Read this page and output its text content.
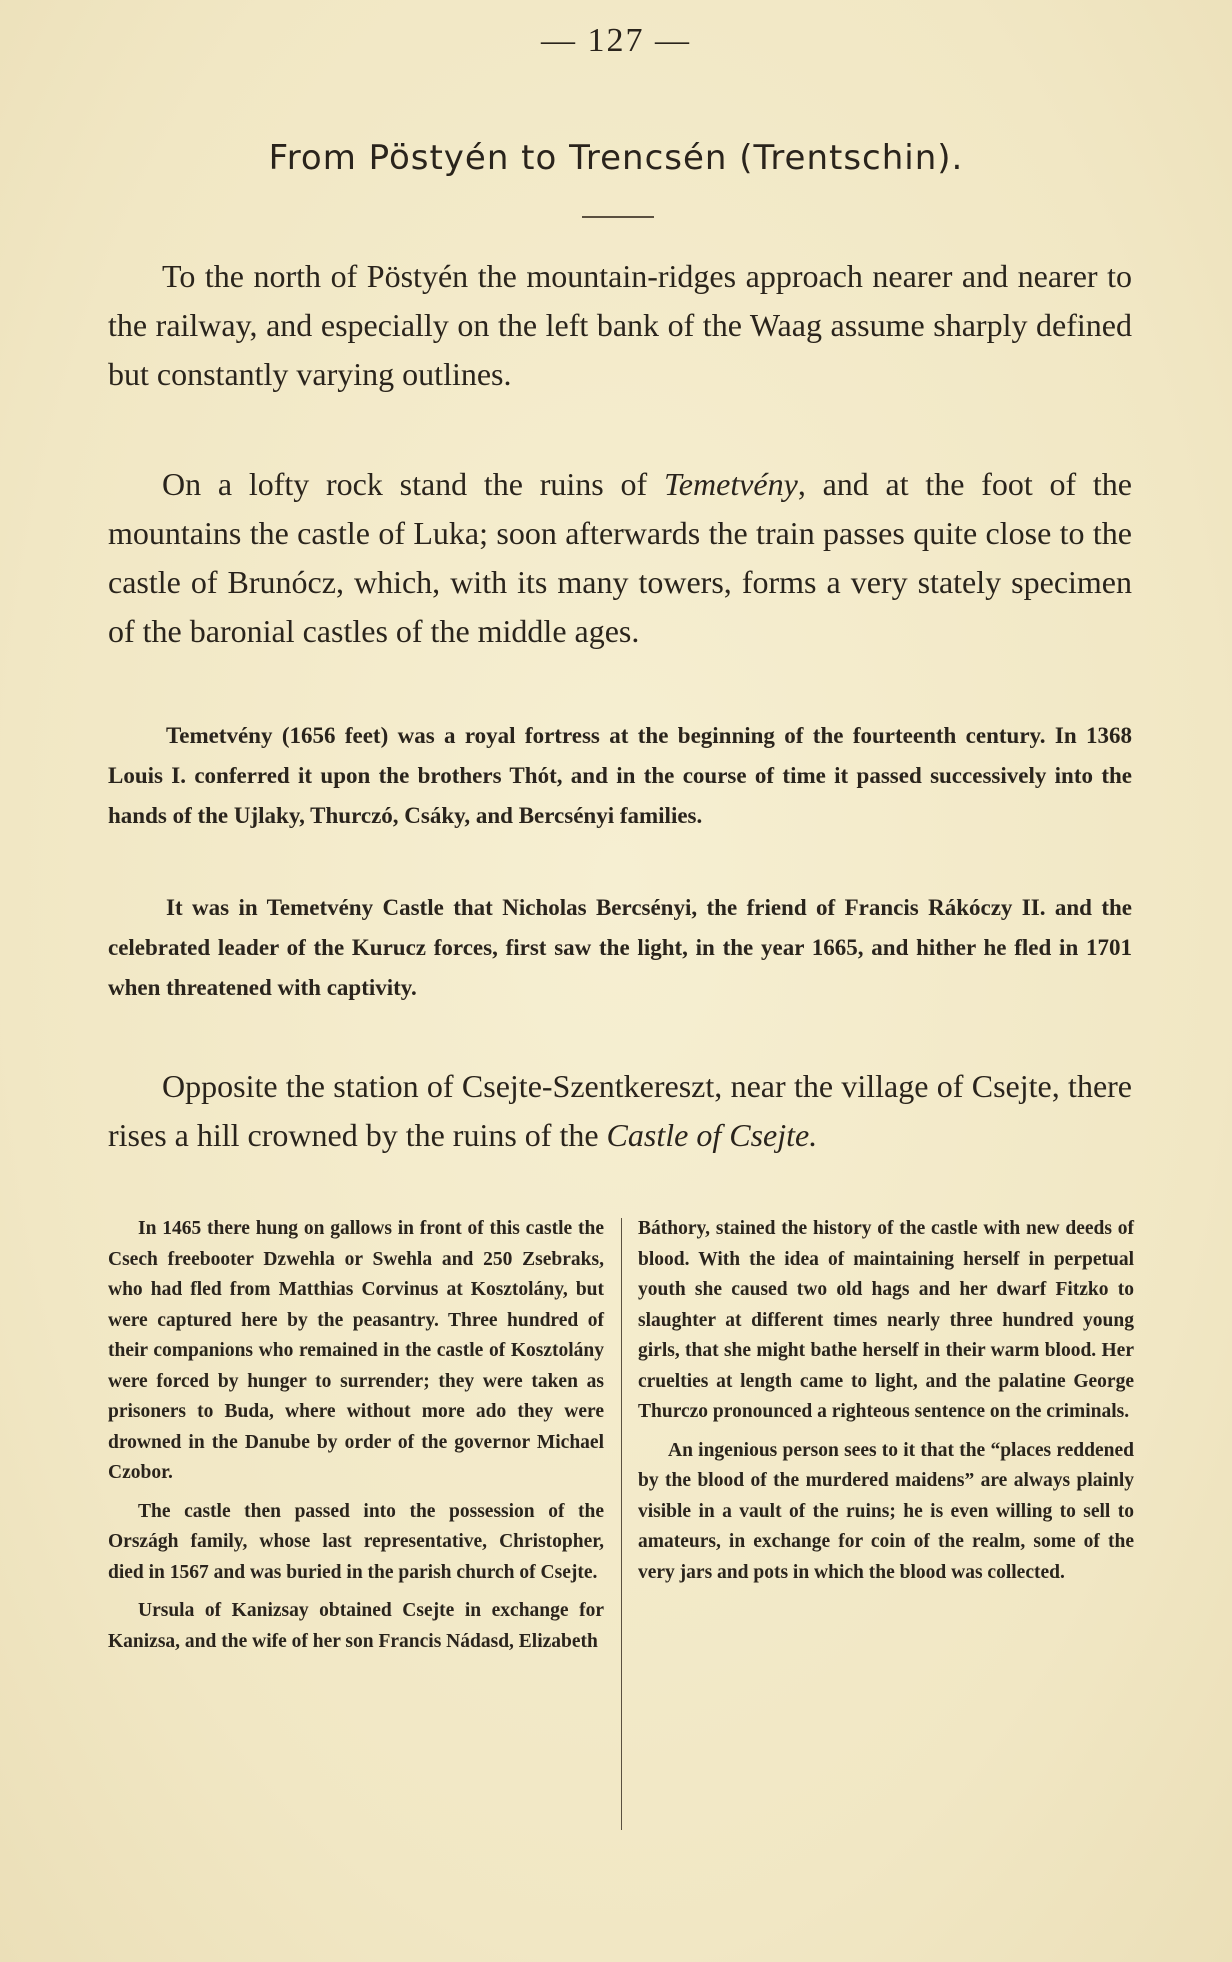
— 127 —
From Pöstyén to Trencsén (Trentschin).

To the north of Pöstyén the mountain-ridges approach nearer and nearer to the railway, and especially on the left bank of the Waag assume sharply defined but constantly varying outlines.

On a lofty rock stand the ruins of Temetvény, and at the foot of the mountains the castle of Luka; soon afterwards the train passes quite close to the castle of Brunócz, which, with its many towers, forms a very stately specimen of the baronial castles of the middle ages.

Temetvény (1656 feet) was a royal fortress at the beginning of the fourteenth century. In 1368 Louis I. conferred it upon the brothers Thót, and in the course of time it passed successively into the hands of the Ujlaky, Thurczó, Csáky, and Bercsényi families.

It was in Temetvény Castle that Nicholas Bercsényi, the friend of Francis Rákóczy II. and the celebrated leader of the Kurucz forces, first saw the light, in the year 1665, and hither he fled in 1701 when threatened with captivity.

Opposite the station of Csejte-Szentkereszt, near the village of Csejte, there rises a hill crowned by the ruins of the Castle of Csejte.

In 1465 there hung on gallows in front of this castle the Csech freebooter Dzwehla or Swehla and 250 Zsebraks, who had fled from Matthias Corvinus at Kosztolány, but were captured here by the peasantry. Three hundred of their companions who remained in the castle of Kosztolány were forced by hunger to surrender; they were taken as prisoners to Buda, where without more ado they were drowned in the Danube by order of the governor Michael Czobor.

The castle then passed into the possession of the Országh family, whose last representative, Christopher, died in 1567 and was buried in the parish church of Csejte.

Ursula of Kanizsay obtained Csejte in exchange for Kanizsa, and the wife of her son Francis Nádasd, Elizabeth

Báthory, stained the history of the castle with new deeds of blood. With the idea of maintaining herself in perpetual youth she caused two old hags and her dwarf Fitzko to slaughter at different times nearly three hundred young girls, that she might bathe herself in their warm blood. Her cruelties at length came to light, and the palatine George Thurczo pronounced a righteous sentence on the criminals.

An ingenious person sees to it that the “places reddened by the blood of the murdered maidens” are always plainly visible in a vault of the ruins; he is even willing to sell to amateurs, in exchange for coin of the realm, some of the very jars and pots in which the blood was collected.
